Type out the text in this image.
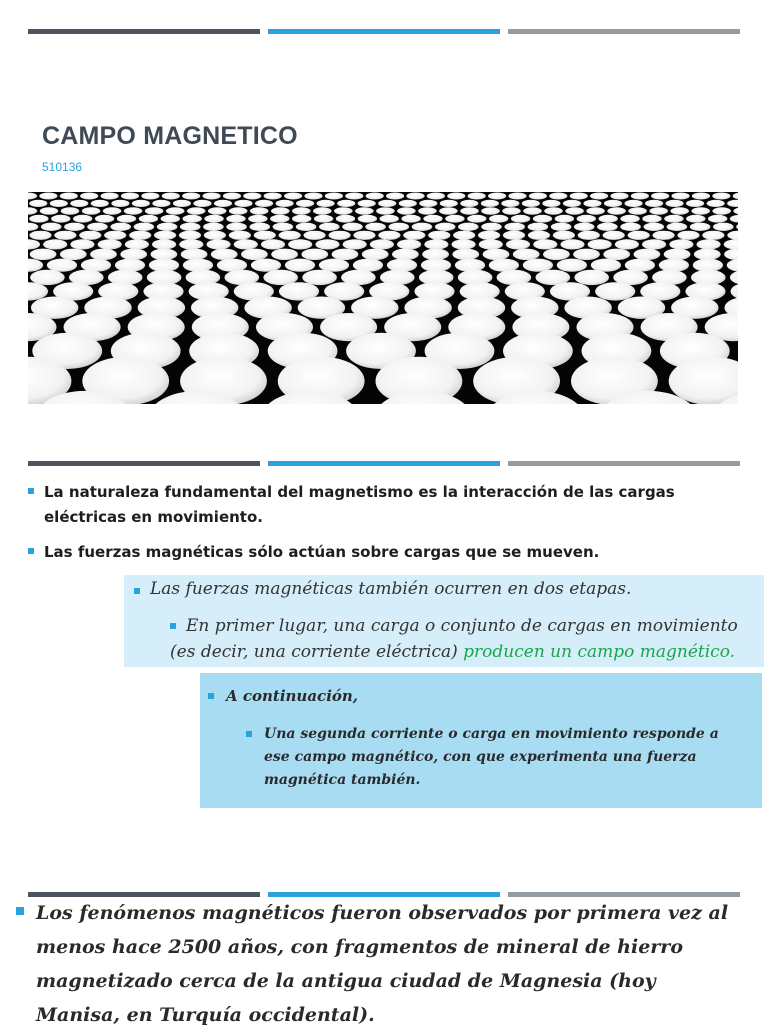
CAMPO MAGNETICO
510136
La naturaleza fundamental del magnetismo es la interacción de las cargas eléctricas en movimiento.
Las fuerzas magnéticas sólo actúan sobre cargas que se mueven.
Las fuerzas magnéticas también ocurren en dos etapas.
En primer lugar, una carga o conjunto de cargas en movimiento
(es decir, una corriente eléctrica) producen un campo magnético.
A continuación,
Una segunda corriente o carga en movimiento responde a ese campo magnético, con que experimenta una fuerza magnética también.
Los fenómenos magnéticos fueron observados por primera vez al menos hace 2500 años, con fragmentos de mineral de hierro magnetizado cerca de la antigua ciudad de Magnesia (hoy Manisa, en Turquía occidental).
